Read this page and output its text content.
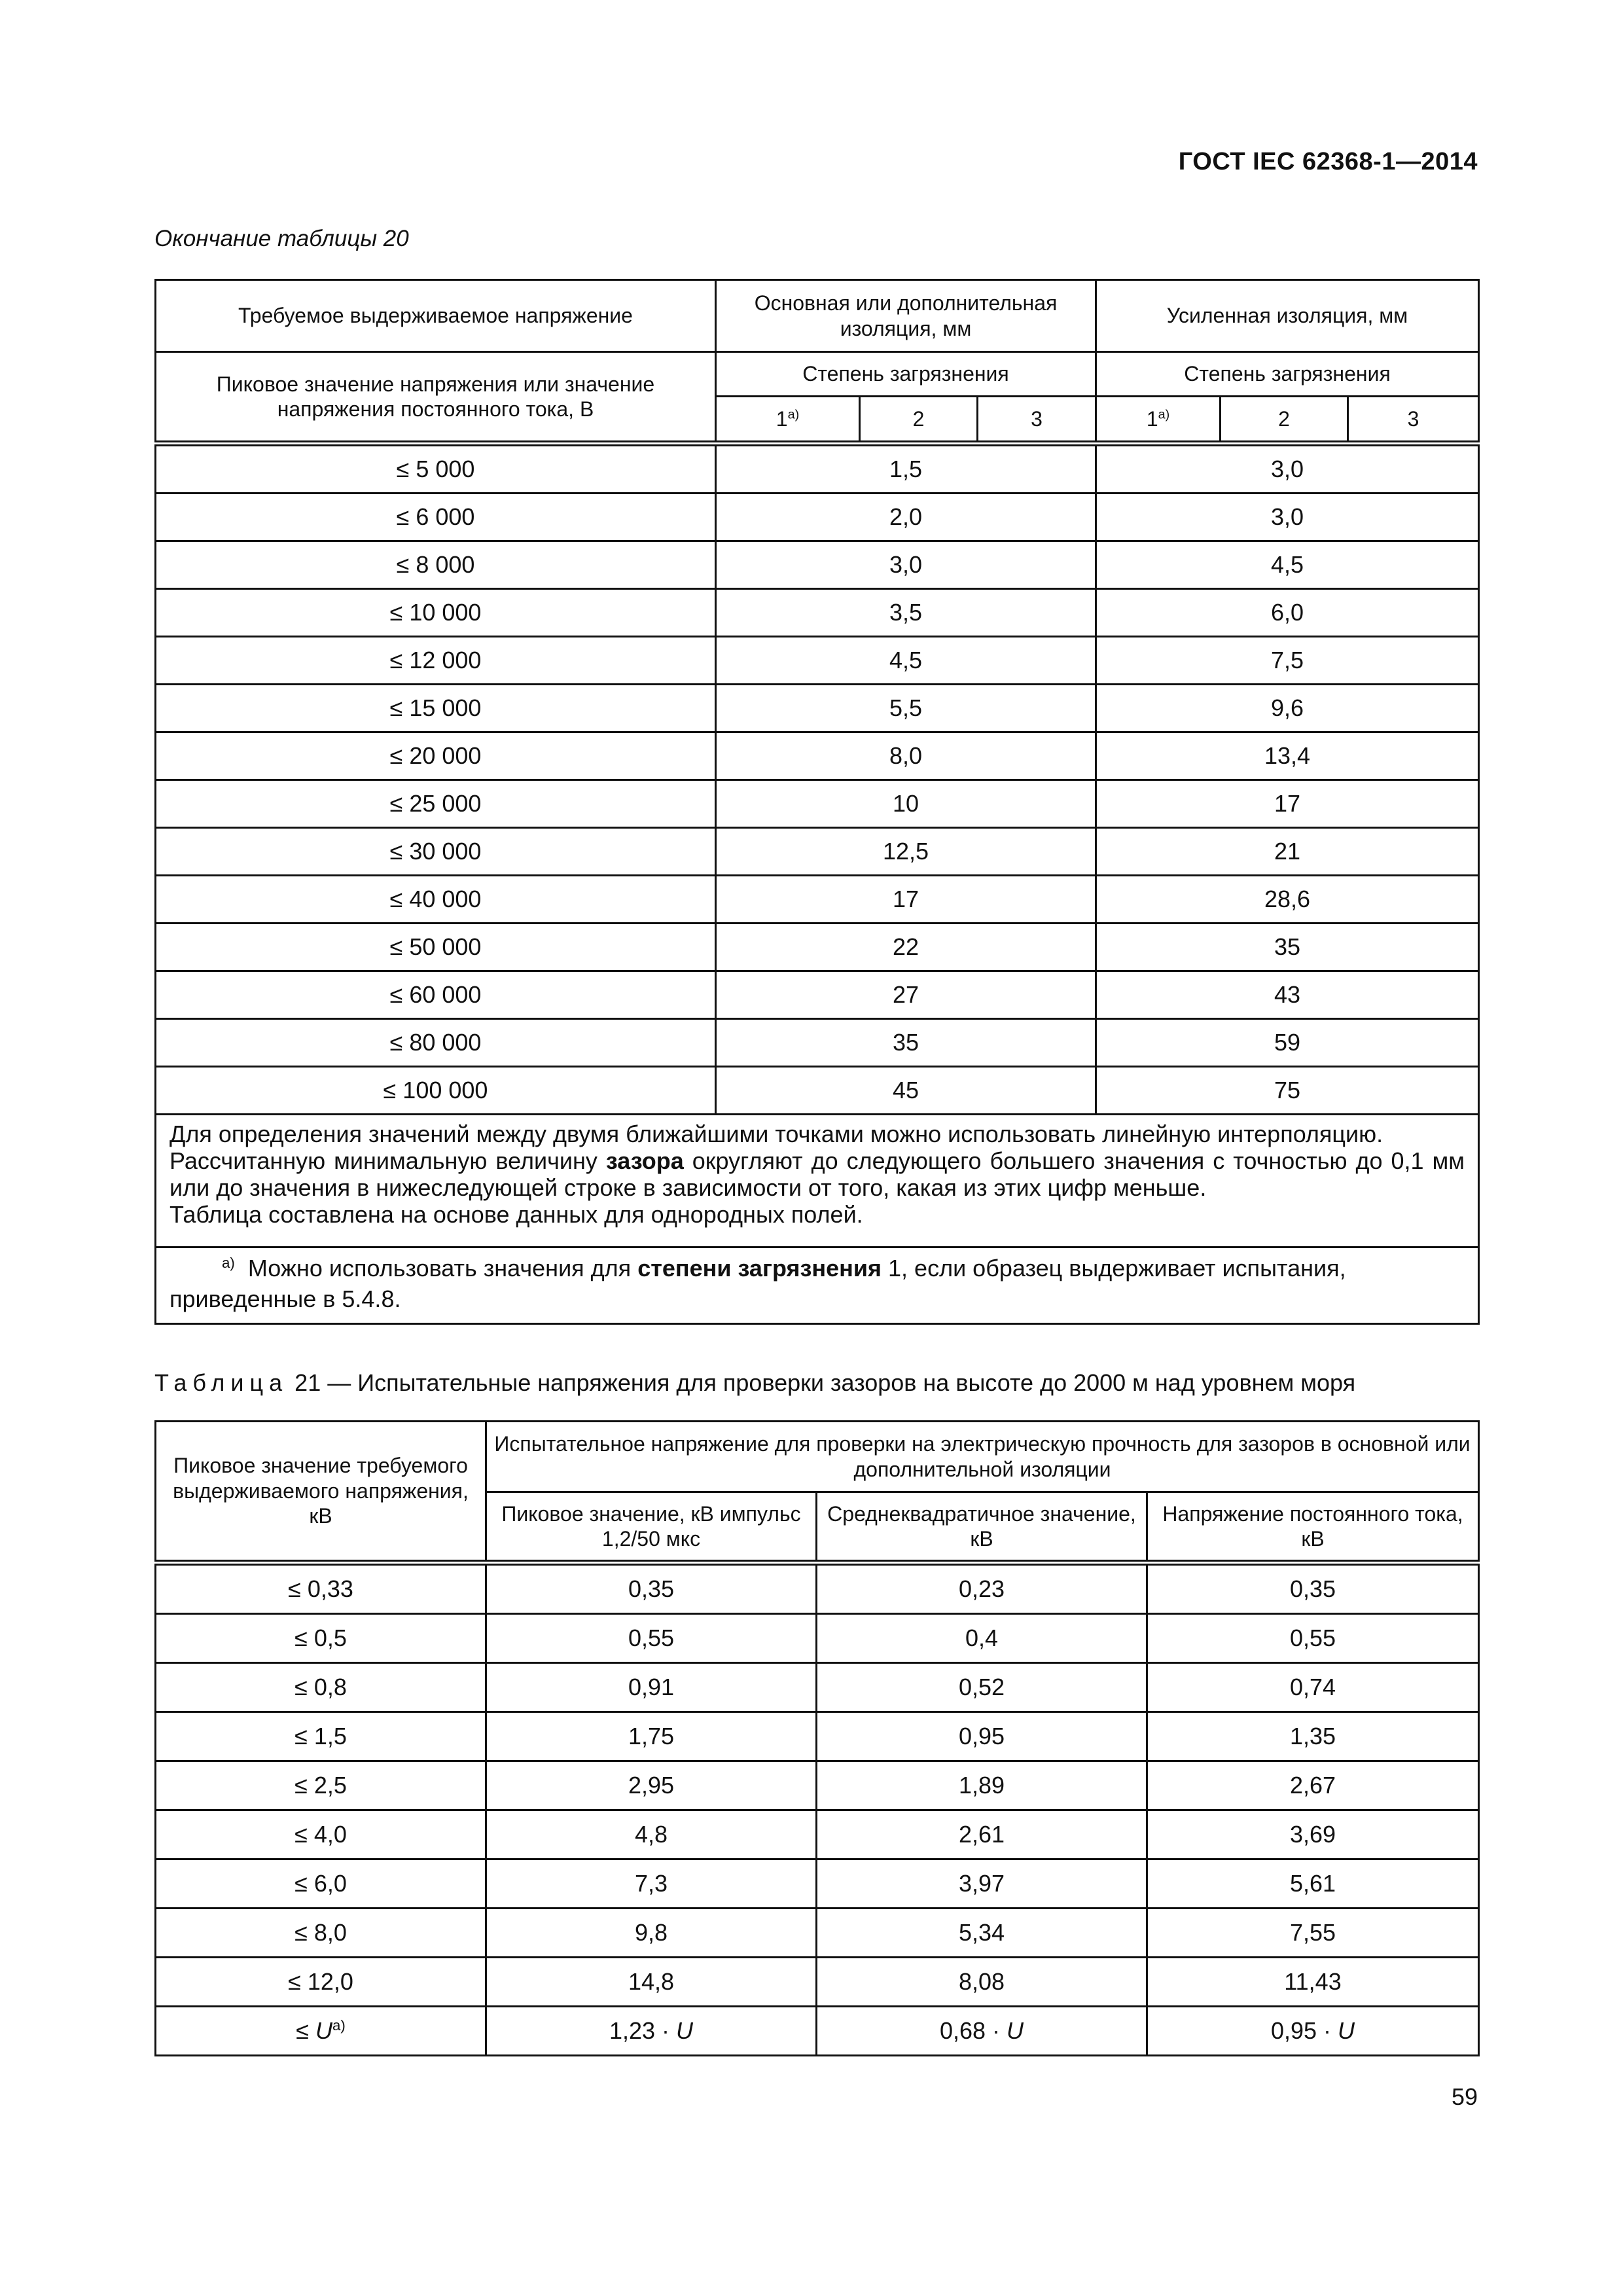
ГОСТ IEC 62368-1—2014
Окончание таблицы 20
Требуемое выдерживаемое напряжение	Основная или дополнительная изоляция, мм			Усиленная изоляция, мм		
Пиковое значение напряжения или значение напряжения постоянного тока, В	Степень загрязнения			Степень загрязнения		
	$1^{а)}$	2	3	$1^{а)}$	2	3
≤ 5 000	1,5			3,0		
≤ 6 000	2,0			3,0		
≤ 8 000	3,0			4,5		
≤ 10 000	3,5			6,0		
≤ 12 000	4,5			7,5		
≤ 15 000	5,5			9,6		
≤ 20 000	8,0			13,4		
≤ 25 000	10			17		
≤ 30 000	12,5			21		
≤ 40 000	17			28,6		
≤ 50 000	22			35		
≤ 60 000	27			43		
≤ 80 000	35			59		
≤ 100 000	45			75		
Для определения значений между двумя ближайшими точками можно использовать линейную интерполяцию.
Рассчитанную минимальную величину зазора округляют до следующего большего значения с точностью до 0,1 мм или до значения в нижеследующей строке в зависимости от того, какая из этих цифр меньше.
Таблица составлена на основе данных для однородных полей.						
$^{а)}$ Можно использовать значения для степени загрязнения 1, если образец выдерживает испытания, приведенные в 5.4.8.						
Таблица 21 — Испытательные напряжения для проверки зазоров на высоте до 2000 м над уровнем моря
Пиковое значение требуемого выдерживаемого напряжения, кВ	Испытательное напряжение для проверки на электрическую прочность для зазоров в основной или дополнительной изоляции		
	Пиковое значение, кВ импульс 1,2/50 мкс	Среднеквадратичное значение, кВ	Напряжение постоянного тока, кВ
≤ 0,33	0,35	0,23	0,35
≤ 0,5	0,55	0,4	0,55
≤ 0,8	0,91	0,52	0,74
≤ 1,5	1,75	0,95	1,35
≤ 2,5	2,95	1,89	2,67
≤ 4,0	4,8	2,61	3,69
≤ 6,0	7,3	3,97	5,61
≤ 8,0	9,8	5,34	7,55
≤ 12,0	14,8	8,08	11,43
≤ $U^{а)}$	1,23 · U	0,68 · U	0,95 · U
59
